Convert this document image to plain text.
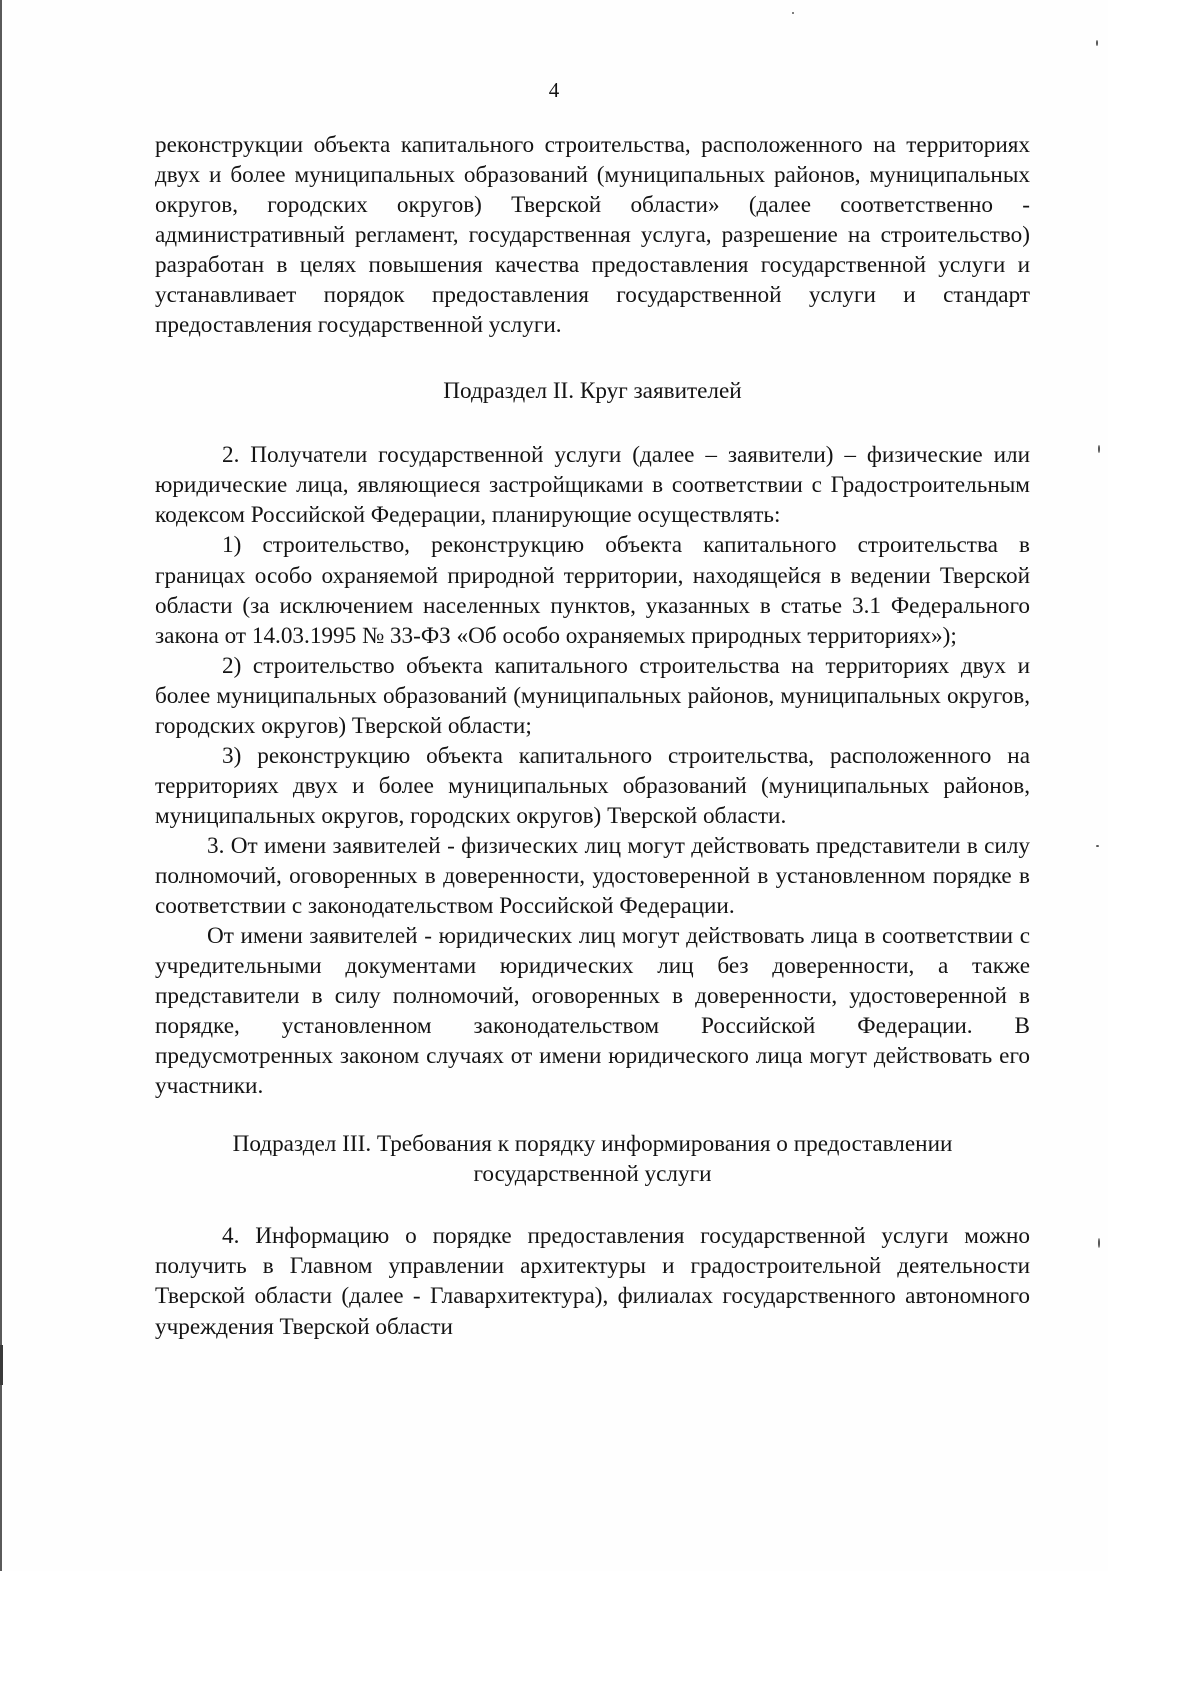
4

реконструкции объекта капитального строительства, расположенного на территориях двух и более муниципальных образований (муниципальных районов, муниципальных округов, городских округов) Тверской области» (далее соответственно - административный регламент, государственная услуга, разрешение на строительство) разработан в целях повышения качества предоставления государственной услуги и устанавливает порядок предоставления государственной услуги и стандарт предоставления государственной услуги.

Подраздел II. Круг заявителей

2. Получатели государственной услуги (далее – заявители) – физические или юридические лица, являющиеся застройщиками в соответствии с Градостроительным кодексом Российской Федерации, планирующие осуществлять:

1) строительство, реконструкцию объекта капитального строительства в границах особо охраняемой природной территории, находящейся в ведении Тверской области (за исключением населенных пунктов, указанных в статье 3.1 Федерального закона от 14.03.1995 № 33-ФЗ «Об особо охраняемых природных территориях»);

2) строительство объекта капитального строительства на территориях двух и более муниципальных образований (муниципальных районов, муниципальных округов, городских округов) Тверской области;

3) реконструкцию объекта капитального строительства, расположенного на территориях двух и более муниципальных образований (муниципальных районов, муниципальных округов, городских округов) Тверской области.

3. От имени заявителей - физических лиц могут действовать представители в силу полномочий, оговоренных в доверенности, удостоверенной в установленном порядке в соответствии с законодательством Российской Федерации.

От имени заявителей - юридических лиц могут действовать лица в соответствии с учредительными документами юридических лиц без доверенности, а также представители в силу полномочий, оговоренных в доверенности, удостоверенной в порядке, установленном законодательством Российской Федерации. В предусмотренных законом случаях от имени юридического лица могут действовать его участники.

Подраздел III. Требования к порядку информирования о предоставлении

государственной услуги

4. Информацию о порядке предоставления государственной услуги можно получить в Главном управлении архитектуры и градостроительной деятельности Тверской области (далее - Главархитектура), филиалах государственного автономного учреждения Тверской области
